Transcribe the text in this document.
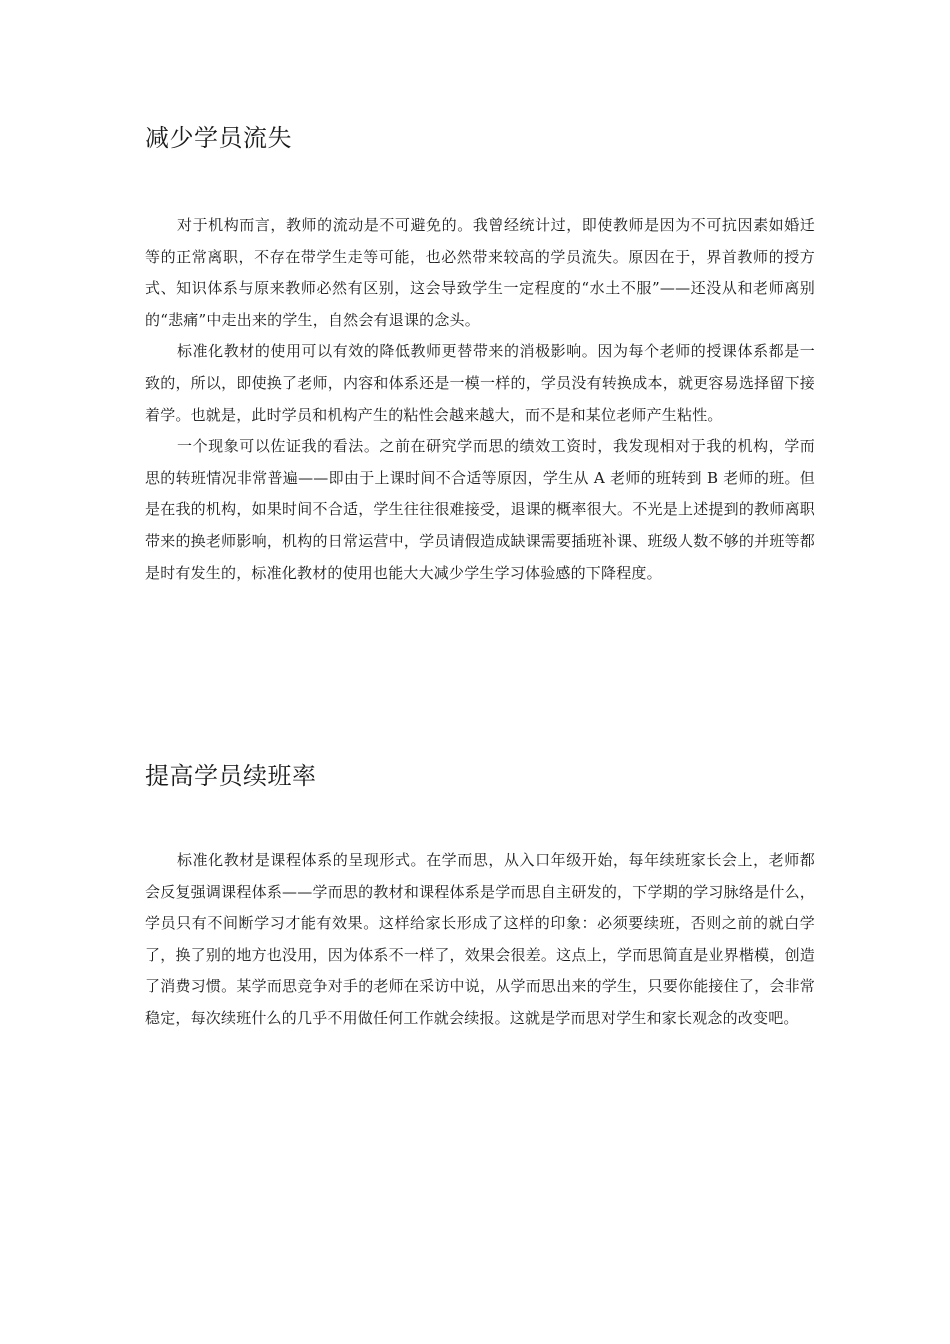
减少学员流失

对于机构而言，教师的流动是不可避免的。我曾经统计过，即使教师是因为不可抗因素如婚迁等的正常离职，不存在带学生走等可能，也必然带来较高的学员流失。原因在于，界首教师的授方式、知识体系与原来教师必然有区别，这会导致学生一定程度的“水土不服”——还没从和老师离别的“悲痛”中走出来的学生，自然会有退课的念头。

标准化教材的使用可以有效的降低教师更替带来的消极影响。因为每个老师的授课体系都是一致的，所以，即使换了老师，内容和体系还是一模一样的，学员没有转换成本，就更容易选择留下接着学。也就是，此时学员和机构产生的粘性会越来越大，而不是和某位老师产生粘性。

一个现象可以佐证我的看法。之前在研究学而思的绩效工资时，我发现相对于我的机构，学而思的转班情况非常普遍——即由于上课时间不合适等原因，学生从 A 老师的班转到 B 老师的班。但是在我的机构，如果时间不合适，学生往往很难接受，退课的概率很大。不光是上述提到的教师离职带来的换老师影响，机构的日常运营中，学员请假造成缺课需要插班补课、班级人数不够的并班等都是时有发生的，标准化教材的使用也能大大减少学生学习体验感的下降程度。

提高学员续班率

标准化教材是课程体系的呈现形式。在学而思，从入口年级开始，每年续班家长会上，老师都会反复强调课程体系——学而思的教材和课程体系是学而思自主研发的，下学期的学习脉络是什么，学员只有不间断学习才能有效果。这样给家长形成了这样的印象：必须要续班，否则之前的就白学了，换了别的地方也没用，因为体系不一样了，效果会很差。这点上，学而思简直是业界楷模，创造了消费习惯。某学而思竞争对手的老师在采访中说，从学而思出来的学生，只要你能接住了，会非常稳定，每次续班什么的几乎不用做任何工作就会续报。这就是学而思对学生和家长观念的改变吧。
